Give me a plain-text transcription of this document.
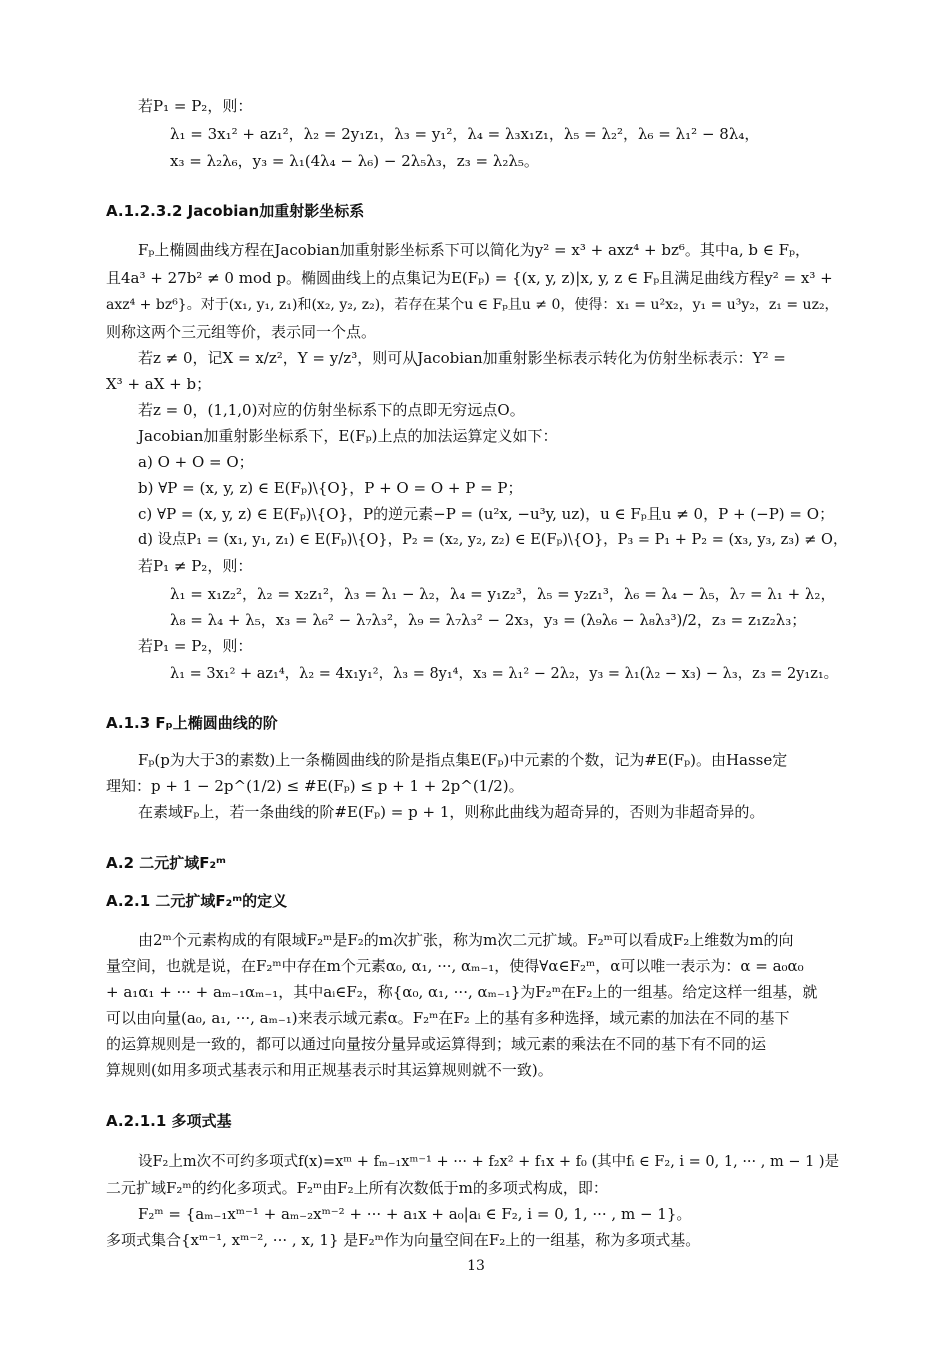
若P₁ = P₂，则：
λ₁ = 3x₁² + az₁²，λ₂ = 2y₁z₁，λ₃ = y₁²，λ₄ = λ₃x₁z₁，λ₅ = λ₂²，λ₆ = λ₁² − 8λ₄，
x₃ = λ₂λ₆，y₃ = λ₁(4λ₄ − λ₆) − 2λ₅λ₃，z₃ = λ₂λ₅。
A.1.2.3.2 Jacobian加重射影坐标系
Fₚ上椭圆曲线方程在Jacobian加重射影坐标系下可以简化为y² = x³ + axz⁴ + bz⁶。其中a, b ∈ Fₚ，
且4a³ + 27b² ≠ 0 mod p。椭圆曲线上的点集记为E(Fₚ) = {(x, y, z)|x, y, z ∈ Fₚ且满足曲线方程y² = x³ +
axz⁴ + bz⁶}。对于(x₁, y₁, z₁)和(x₂, y₂, z₂)，若存在某个u ∈ Fₚ且u ≠ 0，使得：x₁ = u²x₂，y₁ = u³y₂，z₁ = uz₂，
则称这两个三元组等价，表示同一个点。
若z ≠ 0，记X = x/z²，Y = y/z³，则可从Jacobian加重射影坐标表示转化为仿射坐标表示：Y² =
X³ + aX + b；
若z = 0，(1,1,0)对应的仿射坐标系下的点即无穷远点O。
Jacobian加重射影坐标系下，E(Fₚ)上点的加法运算定义如下：
a) O + O = O；
b) ∀P = (x, y, z) ∈ E(Fₚ)\{O}，P + O = O + P = P；
c) ∀P = (x, y, z) ∈ E(Fₚ)\{O}，P的逆元素−P = (u²x, −u³y, uz)，u ∈ Fₚ且u ≠ 0，P + (−P) = O；
d) 设点P₁ = (x₁, y₁, z₁) ∈ E(Fₚ)\{O}，P₂ = (x₂, y₂, z₂) ∈ E(Fₚ)\{O}，P₃ = P₁ + P₂ = (x₃, y₃, z₃) ≠ O，
若P₁ ≠ P₂，则：
λ₁ = x₁z₂²，λ₂ = x₂z₁²，λ₃ = λ₁ − λ₂，λ₄ = y₁z₂³，λ₅ = y₂z₁³，λ₆ = λ₄ − λ₅，λ₇ = λ₁ + λ₂，
λ₈ = λ₄ + λ₅，x₃ = λ₆² − λ₇λ₃²，λ₉ = λ₇λ₃² − 2x₃，y₃ = (λ₉λ₆ − λ₈λ₃³)/2，z₃ = z₁z₂λ₃；
若P₁ = P₂，则：
λ₁ = 3x₁² + az₁⁴，λ₂ = 4x₁y₁²，λ₃ = 8y₁⁴，x₃ = λ₁² − 2λ₂，y₃ = λ₁(λ₂ − x₃) − λ₃，z₃ = 2y₁z₁。
A.1.3 Fₚ上椭圆曲线的阶
Fₚ(p为大于3的素数)上一条椭圆曲线的阶是指点集E(Fₚ)中元素的个数，记为#E(Fₚ)。由Hasse定
理知：p + 1 − 2p^(1/2) ≤ #E(Fₚ) ≤ p + 1 + 2p^(1/2)。
在素域Fₚ上，若一条曲线的阶#E(Fₚ) = p + 1，则称此曲线为超奇异的，否则为非超奇异的。
A.2 二元扩域F₂ᵐ
A.2.1 二元扩域F₂ᵐ的定义
由2ᵐ个元素构成的有限域F₂ᵐ是F₂的m次扩张，称为m次二元扩域。F₂ᵐ可以看成F₂上维数为m的向
量空间，也就是说，在F₂ᵐ中存在m个元素α₀, α₁, ···, αₘ₋₁，使得∀α∈F₂ᵐ，α可以唯一表示为：α = a₀α₀
+ a₁α₁ + ··· + aₘ₋₁αₘ₋₁，其中aᵢ∈F₂，称{α₀, α₁, ···, αₘ₋₁}为F₂ᵐ在F₂上的一组基。给定这样一组基，就
可以由向量(a₀, a₁, ···, aₘ₋₁)来表示域元素α。F₂ᵐ在F₂ 上的基有多种选择，域元素的加法在不同的基下
的运算规则是一致的，都可以通过向量按分量异或运算得到；域元素的乘法在不同的基下有不同的运
算规则(如用多项式基表示和用正规基表示时其运算规则就不一致)。
A.2.1.1 多项式基
设F₂上m次不可约多项式f(x)=xᵐ + fₘ₋₁xᵐ⁻¹ + ··· + f₂x² + f₁x + f₀ (其中fᵢ ∈ F₂, i = 0, 1, ··· , m − 1 )是
二元扩域F₂ᵐ的约化多项式。F₂ᵐ由F₂上所有次数低于m的多项式构成，即：
F₂ᵐ = {aₘ₋₁xᵐ⁻¹ + aₘ₋₂xᵐ⁻² + ··· + a₁x + a₀|aᵢ ∈ F₂, i = 0, 1, ··· , m − 1}。
多项式集合{xᵐ⁻¹, xᵐ⁻², ··· , x, 1} 是F₂ᵐ作为向量空间在F₂上的一组基，称为多项式基。
13
